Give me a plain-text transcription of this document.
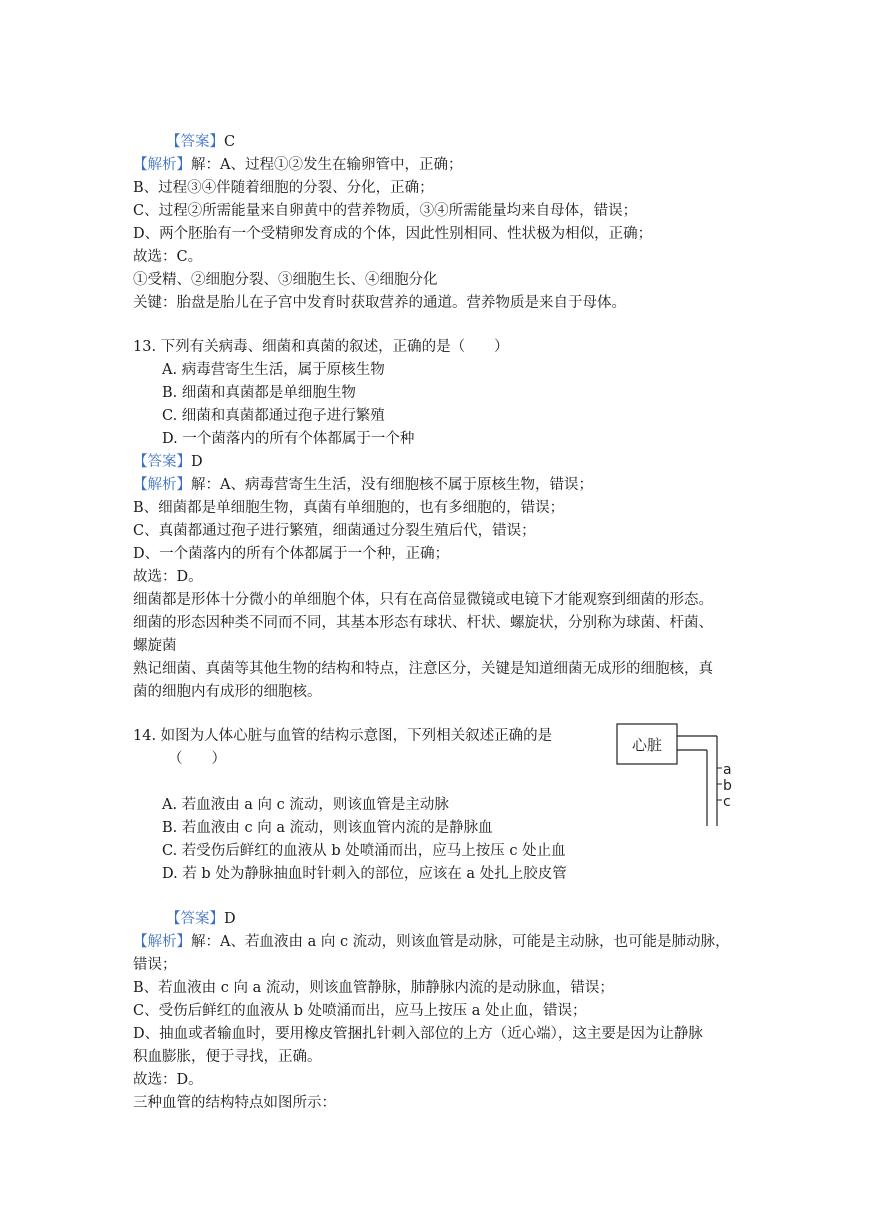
【答案】C
【解析】解：A、过程①②发生在输卵管中，正确；
B、过程③④伴随着细胞的分裂、分化，正确；
C、过程②所需能量来自卵黄中的营养物质，③④所需能量均来自母体，错误；
D、两个胚胎有一个受精卵发育成的个体，因此性别相同、性状极为相似，正确；
故选：C。
①受精、②细胞分裂、③细胞生长、④细胞分化
关键：胎盘是胎儿在子宫中发育时获取营养的通道。营养物质是来自于母体。
13. 下列有关病毒、细菌和真菌的叙述，正确的是（　　）
A. 病毒营寄生生活，属于原核生物
B. 细菌和真菌都是单细胞生物
C. 细菌和真菌都通过孢子进行繁殖
D. 一个菌落内的所有个体都属于一个种
【答案】D
【解析】解：A、病毒营寄生生活，没有细胞核不属于原核生物，错误；
B、细菌都是单细胞生物，真菌有单细胞的，也有多细胞的，错误；
C、真菌都通过孢子进行繁殖，细菌通过分裂生殖后代，错误；
D、一个菌落内的所有个体都属于一个种，正确；
故选：D。
细菌都是形体十分微小的单细胞个体，只有在高倍显微镜或电镜下才能观察到细菌的形态。
细菌的形态因种类不同而不同，其基本形态有球状、杆状、螺旋状，分别称为球菌、杆菌、
螺旋菌
熟记细菌、真菌等其他生物的结构和特点，注意区分，关键是知道细菌无成形的细胞核，真
菌的细胞内有成形的细胞核。
14. 如图为人体心脏与血管的结构示意图，下列相关叙述正确的是
（　　）
A. 若血液由 a 向 c 流动，则该血管是主动脉
B. 若血液由 c 向 a 流动，则该血管内流的是静脉血
C. 若受伤后鲜红的血液从 b 处喷涌而出，应马上按压 c 处止血
D. 若 b 处为静脉抽血时针刺入的部位，应该在 a 处扎上胶皮管
心脏
a
b
c
【答案】D
【解析】解：A、若血液由 a 向 c 流动，则该血管是动脉，可能是主动脉，也可能是肺动脉，
错误；
B、若血液由 c 向 a 流动，则该血管静脉，肺静脉内流的是动脉血，错误；
C、受伤后鲜红的血液从 b 处喷涌而出，应马上按压 a 处止血，错误；
D、抽血或者输血时，要用橡皮管捆扎针刺入部位的上方（近心端），这主要是因为让静脉
积血膨胀，便于寻找，正确。
故选：D。
三种血管的结构特点如图所示：
